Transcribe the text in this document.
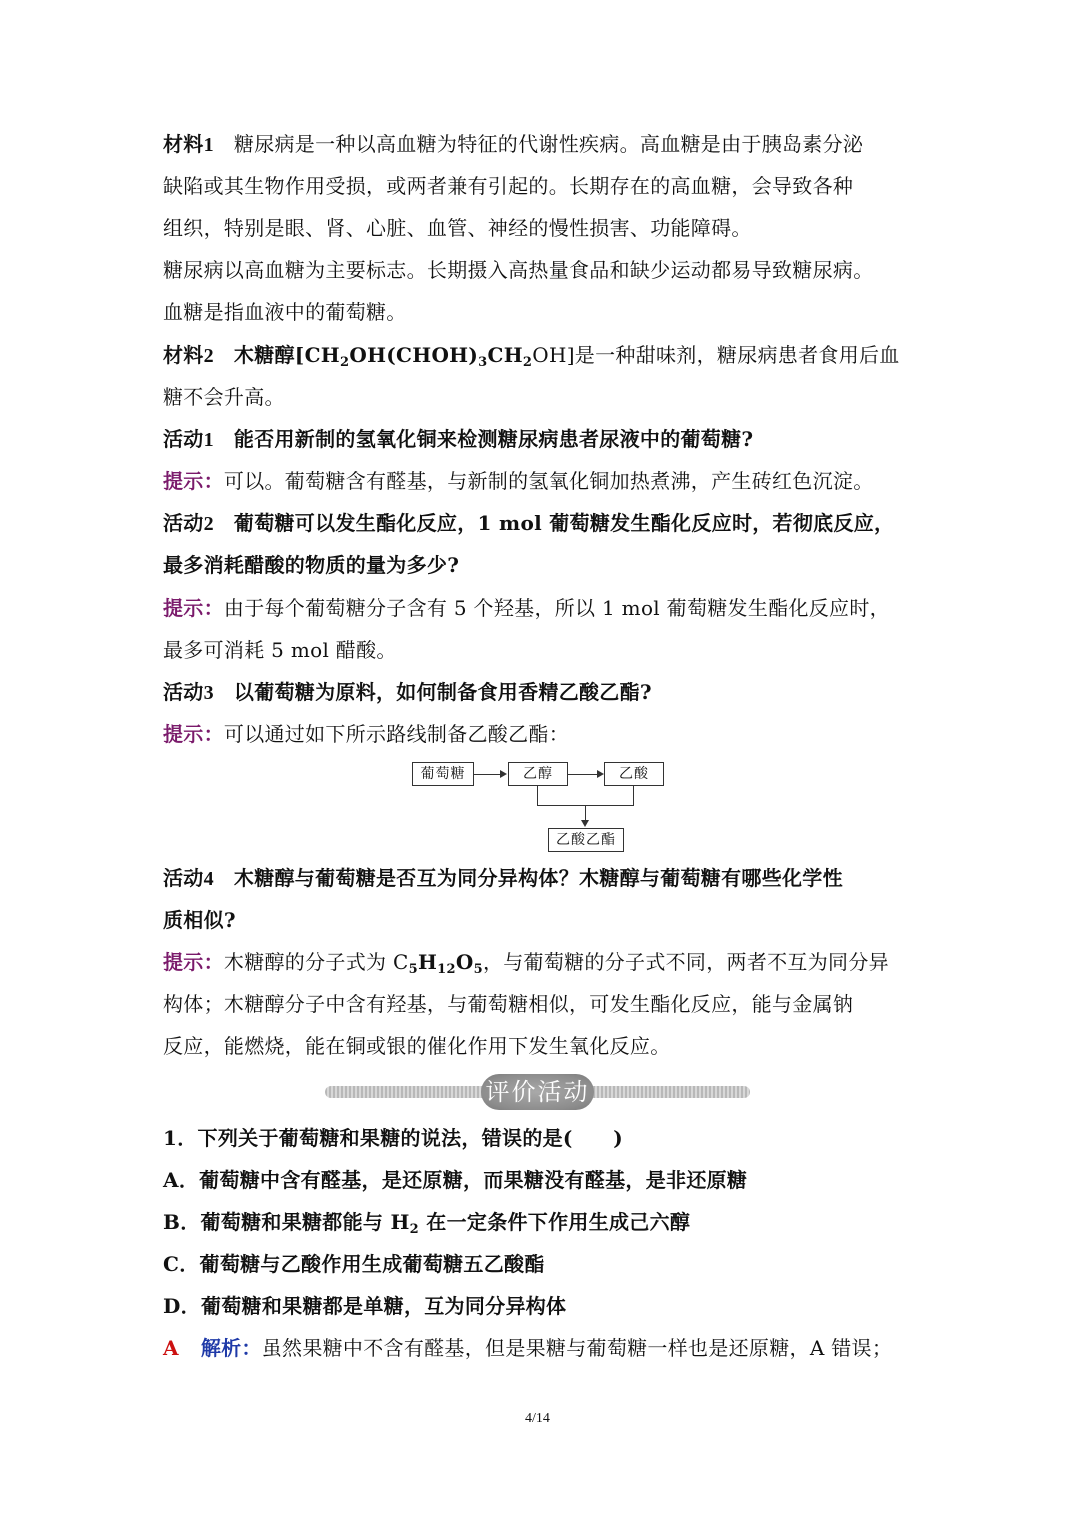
材料1 糖尿病是一种以高血糖为特征的代谢性疾病。高血糖是由于胰岛素分泌
缺陷或其生物作用受损，或两者兼有引起的。长期存在的高血糖，会导致各种
组织，特别是眼、肾、心脏、血管、神经的慢性损害、功能障碍。
糖尿病以高血糖为主要标志。长期摄入高热量食品和缺少运动都易导致糖尿病。
血糖是指血液中的葡萄糖。
材料2 木糖醇$[CH_2OH(CHOH)_3CH_2OH]$是一种甜味剂，糖尿病患者食用后血
糖不会升高。
活动1 能否用新制的氢氧化铜来检测糖尿病患者尿液中的葡萄糖?
提示：可以。葡萄糖含有醛基，与新制的氢氧化铜加热煮沸，产生砖红色沉淀。
活动2 葡萄糖可以发生酯化反应，1 mol 葡萄糖发生酯化反应时，若彻底反应，
最多消耗醋酸的物质的量为多少?
提示：由于每个葡萄糖分子含有 5 个羟基，所以 1 mol 葡萄糖发生酯化反应时，
最多可消耗 5 mol 醋酸。
活动3 以葡萄糖为原料，如何制备食用香精乙酸乙酯?
提示：可以通过如下所示路线制备乙酸乙酯：
葡萄糖	乙醇	乙酸
乙酸乙酯
活动4 木糖醇与葡萄糖是否互为同分异构体？木糖醇与葡萄糖有哪些化学性
质相似?
提示：木糖醇的分子式为 $C_5H_{12}O_5$，与葡萄糖的分子式不同，两者不互为同分异
构体；木糖醇分子中含有羟基，与葡萄糖相似，可发生酯化反应，能与金属钠
反应，能燃烧，能在铜或银的催化作用下发生氧化反应。
评价活动
1．下列关于葡萄糖和果糖的说法，错误的是(　　)
A．葡萄糖中含有醛基，是还原糖，而果糖没有醛基，是非还原糖
B．葡萄糖和果糖都能与 $H_2$ 在一定条件下作用生成己六醇
C．葡萄糖与乙酸作用生成葡萄糖五乙酸酯
D．葡萄糖和果糖都是单糖，互为同分异构体
A 解析：虽然果糖中不含有醛基，但是果糖与葡萄糖一样也是还原糖，A 错误；
4/14
